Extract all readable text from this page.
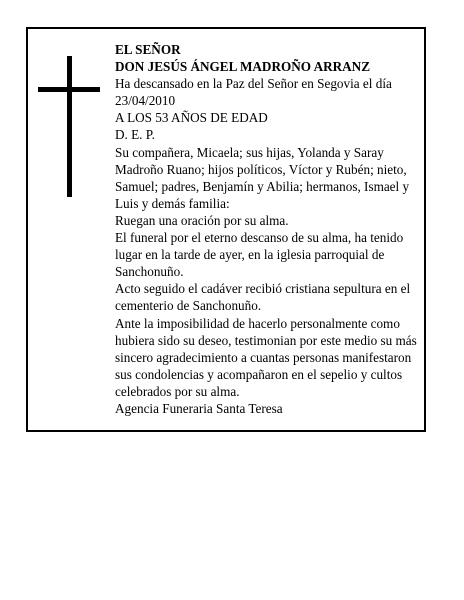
EL SEÑOR

DON JESÚS ÁNGEL MADROÑO ARRANZ

Ha descansado en la Paz del Señor en Segovia el día 23/04/2010

A LOS 53 AÑOS DE EDAD

D. E. P.

Su compañera, Micaela; sus hijas, Yolanda y Saray Madroño Ruano; hijos políticos, Víctor y Rubén; nieto, Samuel; padres, Benjamín y Abilia; hermanos, Ismael y Luis y demás familia:

Ruegan una oración por su alma.

El funeral por el eterno descanso de su alma, ha tenido lugar en la tarde de ayer, en la iglesia parroquial de Sanchonuño.

Acto seguido el cadáver recibió cristiana sepultura en el cementerio de Sanchonuño.

Ante la imposibilidad de hacerlo personalmente como hubiera sido su deseo, testimonian por este medio su más sincero agradecimiento a cuantas personas manifestaron sus condolencias y acompañaron en el sepelio y cultos celebrados por su alma.

Agencia Funeraria Santa Teresa
